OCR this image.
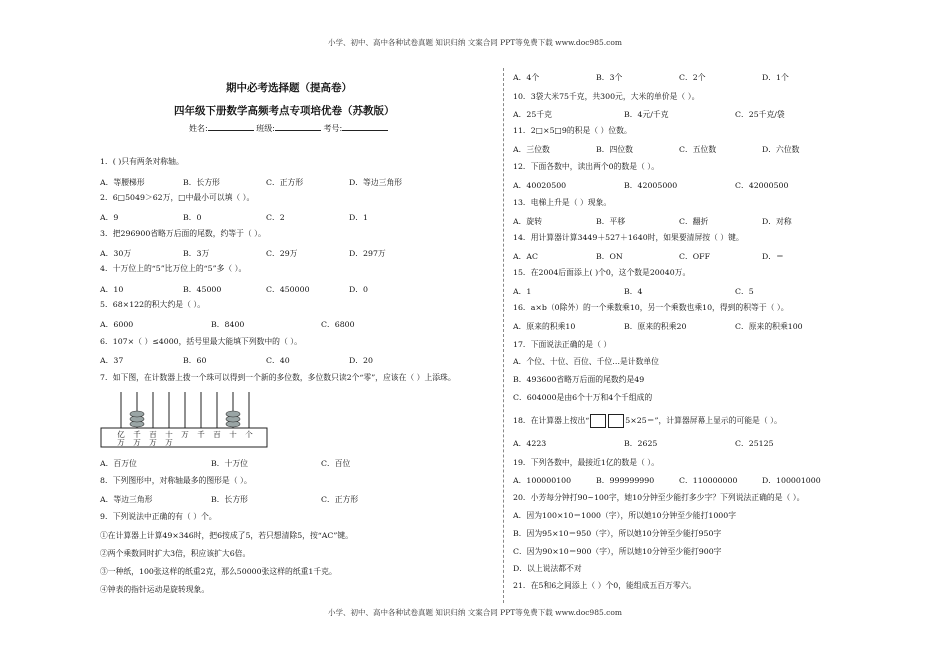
小学、初中、高中各种试卷真题 知识归纳 文案合同 PPT等免费下载 www.doc985.com
期中必考选择题（提高卷）
四年级下册数学高频考点专项培优卷（苏教版）
姓名:	班级:	考号:
1．( )只有两条对称轴。
A．等腰梯形	B．长方形	C．正方形	D．等边三角形
2．6□5049＞62万，□中最小可以填（ ）。
A．9	B．0	C．2	D．1
3．把296900省略万后面的尾数，约等于（ ）。
A．30万	B．3万	C．29万	D．297万
4．十万位上的“5”比万位上的“5”多（ ）。
A．10	B．45000	C．450000	D．0
5．68×122的积大约是（ ）。
A．6000	B．8400	C．6800
6．107×（ ）≤4000，括号里最大能填下列数中的（ ）。
A．37	B．60	C．40	D．20
7．如下图，在计数器上拨一个珠可以得到一个新的多位数，多位数只读2个“零”，应该在（ ）上添珠。
A．百万位	B．十万位	C．百位
8．下列图形中，对称轴最多的图形是（ ）。
A．等边三角形	B．长方形	C．正方形
9．下列说法中正确的有（ ）个。
①在计算器上计算49×346时，把6按成了5，若只想清除5，按“AC”键。
②两个乘数同时扩大3倍，积应该扩大6倍。
③一种纸，100张这样的纸重2克，那么50000张这样的纸重1千克。
④钟表的指针运动是旋转现象。
亿
万
千
万
百
万
十
万
万 千 百 十 个
A．4个	B．3个	C．2个	D．1个
10．3袋大米75千克，共300元，大米的单价是（ ）。
A．25千克	B．4元/千克	C．25千克/袋
11．2□×5□9的积是（ ）位数。
A．三位数	B．四位数	C．五位数	D．六位数
12．下面各数中，读出两个0的数是（ ）。
A．40020500	B．42005000	C．42000500
13．电梯上升是（ ）现象。
A．旋转	B．平移	C．翻折	D．对称
14．用计算器计算3449＋527＋1640时，如果要清屏按（ ）键。
A．AC	B．ON	C．OFF	D．＝
15．在2004后面添上( )个0，这个数是20040万。
A．1	B．4	C．5
16．a×b（0除外）的一个乘数乘10，另一个乘数也乘10，得到的积等于（ ）。
A．原来的积乘10	B．原来的积乘20	C．原来的积乘100
17．下面说法正确的是（ ）
A．个位、十位、百位、千位…是计数单位
B．493600省略万后面的尾数约是49
C．604000是由6个十万和4个千组成的
18．在计算器上按出“	5×25＝”，计算器屏幕上显示的可能是（ ）。
A．4223	B．2625	C．25125
19．下列各数中，最接近1亿的数是（ ）。
A．100000100	B．999999990	C．110000000	D．100001000
20．小芳每分钟打90~100字，她10分钟至少能打多少字？下列说法正确的是（ ）。
A．因为100×10＝1000（字），所以她10分钟至少能打1000字
B．因为95×10＝950（字），所以她10分钟至少能打950字
C．因为90×10＝900（字），所以她10分钟至少能打900字
D．以上说法都不对
21．在5和6之间添上（ ）个0，能组成五百万零六。
小学、初中、高中各种试卷真题 知识归纳 文案合同 PPT等免费下载 www.doc985.com
